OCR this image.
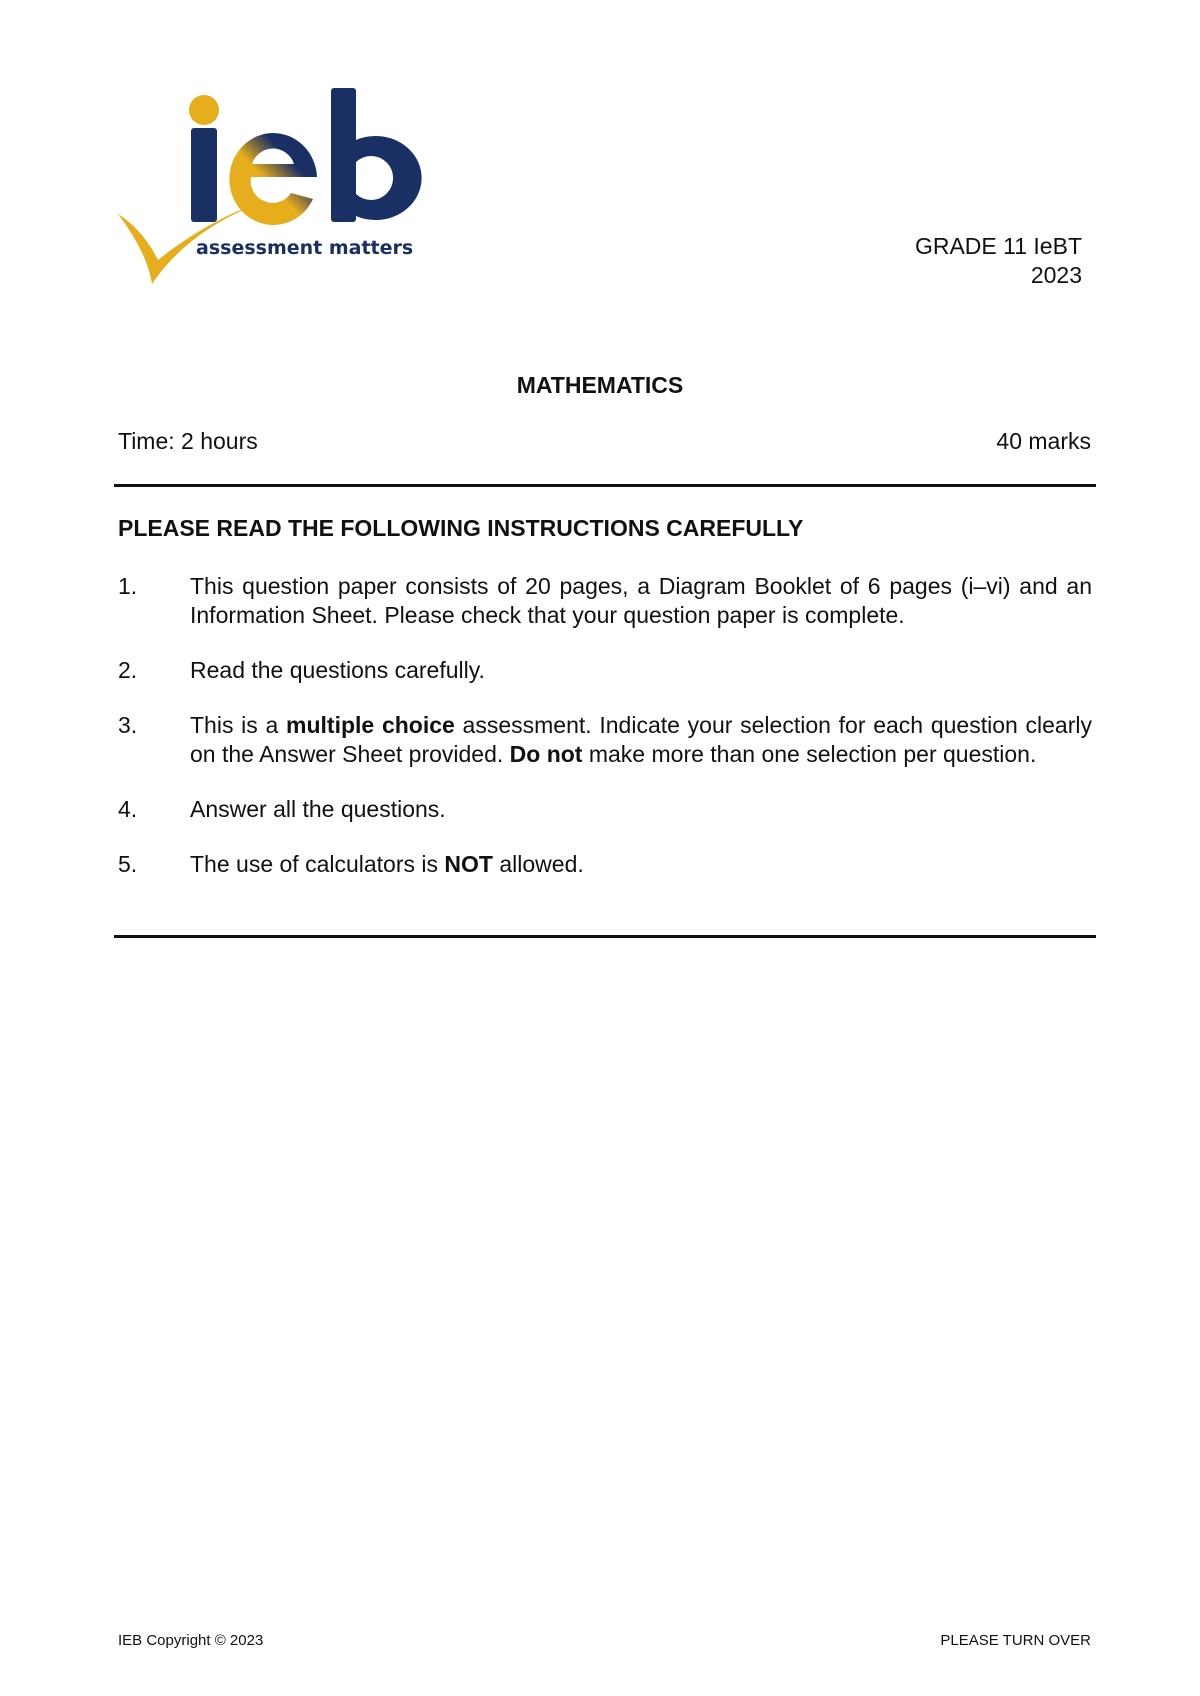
assessment matters	GRADE 11 IeBT
2023
MATHEMATICS
Time: 2 hours	40 marks
PLEASE READ THE FOLLOWING INSTRUCTIONS CAREFULLY
1.	This question paper consists of 20 pages, a Diagram Booklet of 6 pages (i–vi) and an Information Sheet. Please check that your question paper is complete.
2.	Read the questions carefully.
3.	This is a multiple choice assessment. Indicate your selection for each question clearly on the Answer Sheet provided. Do not make more than one selection per question.
4.	Answer all the questions.
5.	The use of calculators is NOT allowed.
IEB Copyright © 2023	PLEASE TURN OVER
